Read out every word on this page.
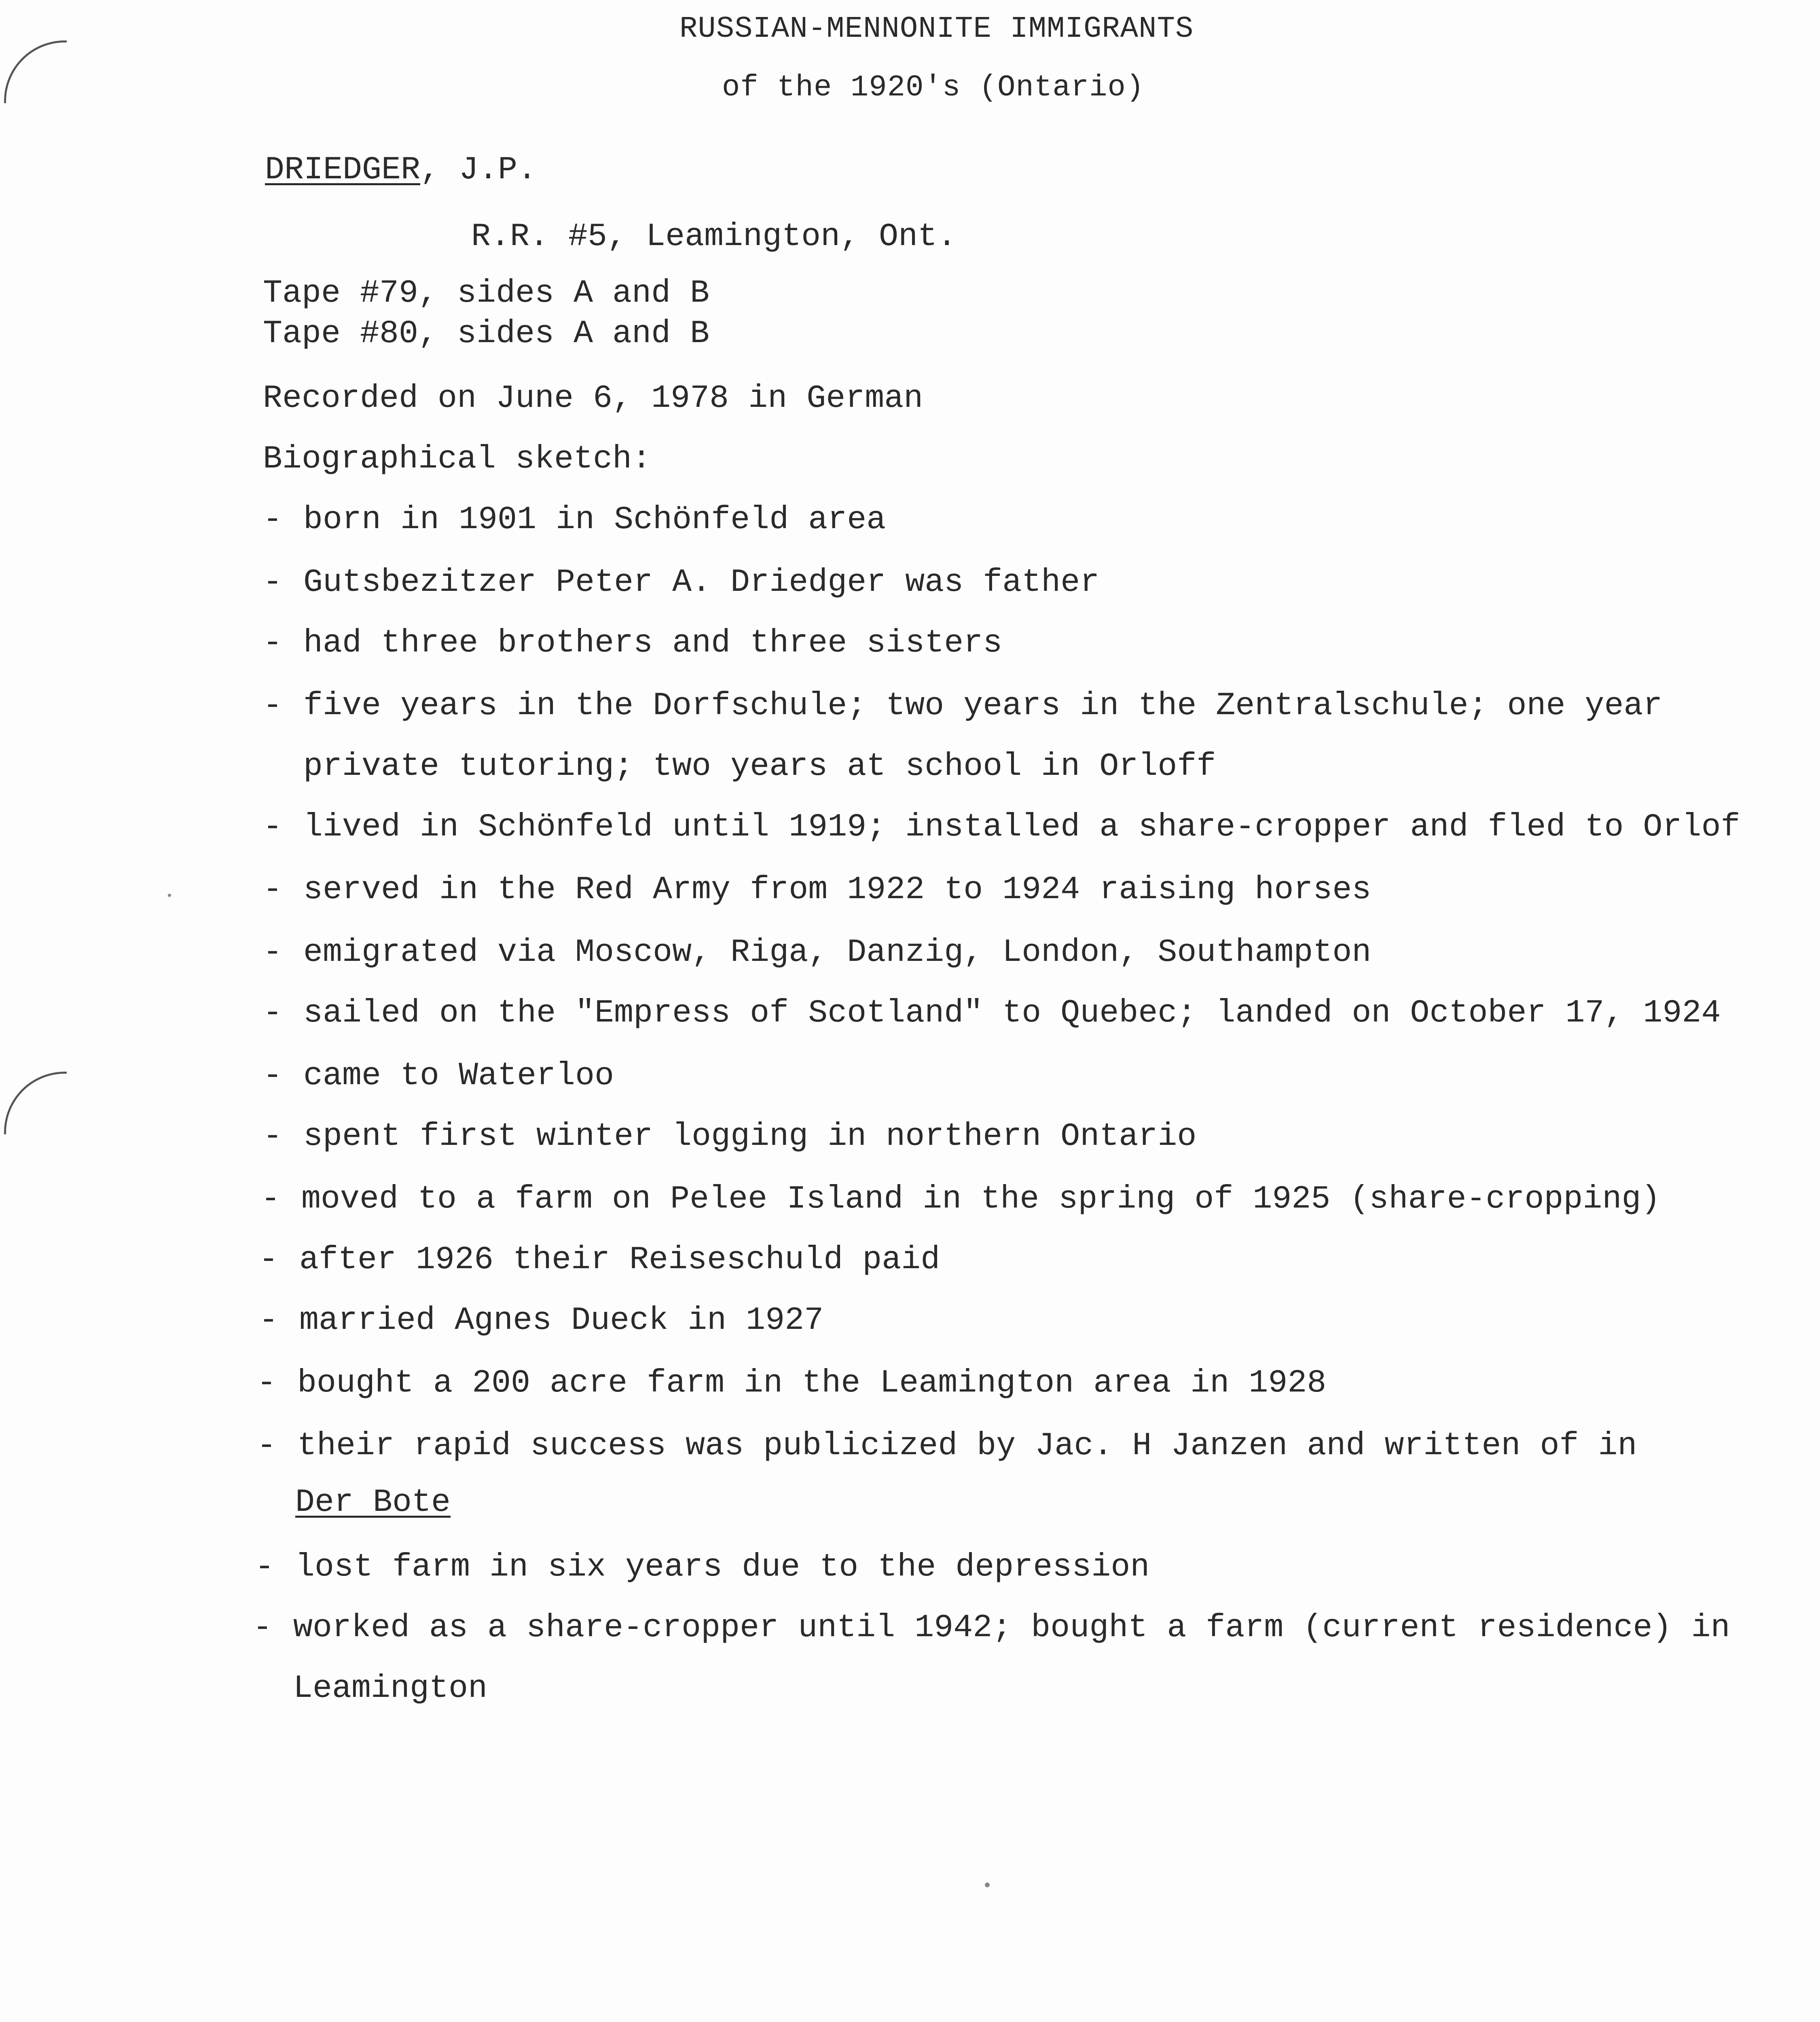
RUSSIAN-MENNONITE IMMIGRANTS
of the 1920's (Ontario)
DRIEDGER, J.P.
R.R. #5, Leamington, Ont.
Tape #79, sides A and B
Tape #80, sides A and B
Recorded on June 6, 1978 in German
Biographical sketch:
- born in 1901 in Schönfeld area
- Gutsbezitzer Peter A. Driedger was father
- had three brothers and three sisters
- five years in the Dorfschule; two years in the Zentralschule; one year
private tutoring; two years at school in Orloff
- lived in Schönfeld until 1919; installed a share-cropper and fled to Orlof
- served in the Red Army from 1922 to 1924 raising horses
- emigrated via Moscow, Riga, Danzig, London, Southampton
- sailed on the "Empress of Scotland" to Quebec; landed on October 17, 1924
- came to Waterloo
- spent first winter logging in northern Ontario
- moved to a farm on Pelee Island in the spring of 1925 (share-cropping)
- after 1926 their Reiseschuld paid
- married Agnes Dueck in 1927
- bought a 200 acre farm in the Leamington area in 1928
- their rapid success was publicized by Jac. H Janzen and written of in
Der Bote
- lost farm in six years due to the depression
- worked as a share-cropper until 1942; bought a farm (current residence) in
Leamington
